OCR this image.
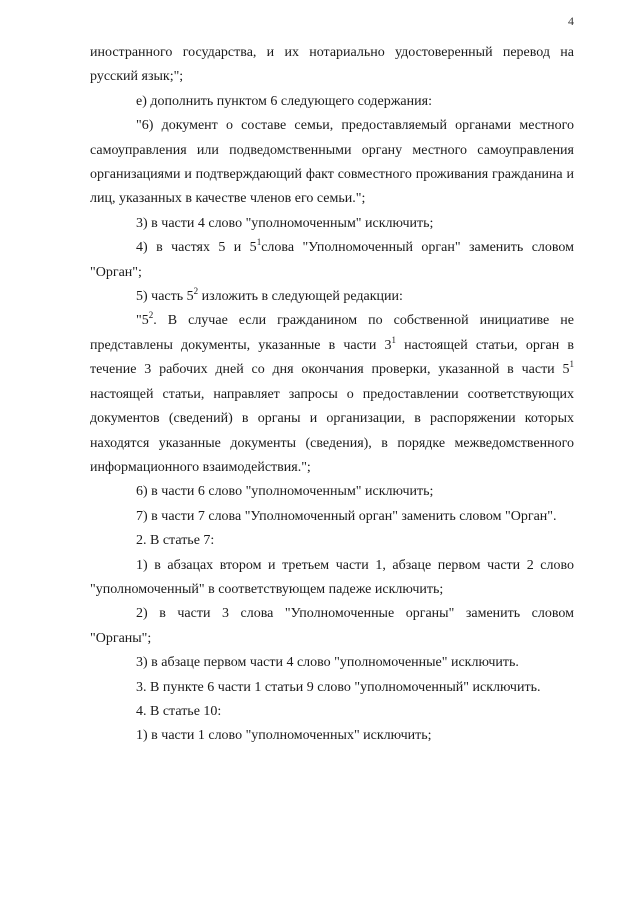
4

иностранного государства, и их нотариально удостоверенный перевод на

русский язык;";

е) дополнить пунктом 6 следующего содержания:

"6) документ о составе семьи, предоставляемый органами местного самоуправления или подведомственными органу местного самоуправления организациями и подтверждающий факт совместного проживания гражданина и лиц, указанных в качестве членов его семьи.";

3) в части 4 слово "уполномоченным" исключить;

4) в частях 5 и $5^1слова$ "Уполномоченный орган" заменить словом "Орган";

5) часть $5^2$ изложить в следующей редакции:

"$5^2$. В случае если гражданином по собственной инициативе не представлены документы, указанные в части $3^1$ настоящей статьи, орган в течение 3 рабочих дней со дня окончания проверки, указанной в части $5^1$ настоящей статьи, направляет запросы о предоставлении соответствующих документов (сведений) в органы и организации, в распоряжении которых находятся указанные документы (сведения), в порядке межведомственного информационного взаимодействия.";

6) в части 6 слово "уполномоченным" исключить;

7) в части 7 слова "Уполномоченный орган" заменить словом "Орган".

2. В статье 7:

1) в абзацах втором и третьем части 1, абзаце первом части 2 слово "уполномоченный" в соответствующем падеже исключить;

2) в части 3 слова "Уполномоченные органы" заменить словом "Органы";

3) в абзаце первом части 4 слово "уполномоченные" исключить.

3. В пункте 6 части 1 статьи 9 слово "уполномоченный" исключить.

4. В статье 10:

1) в части 1 слово "уполномоченных" исключить;
